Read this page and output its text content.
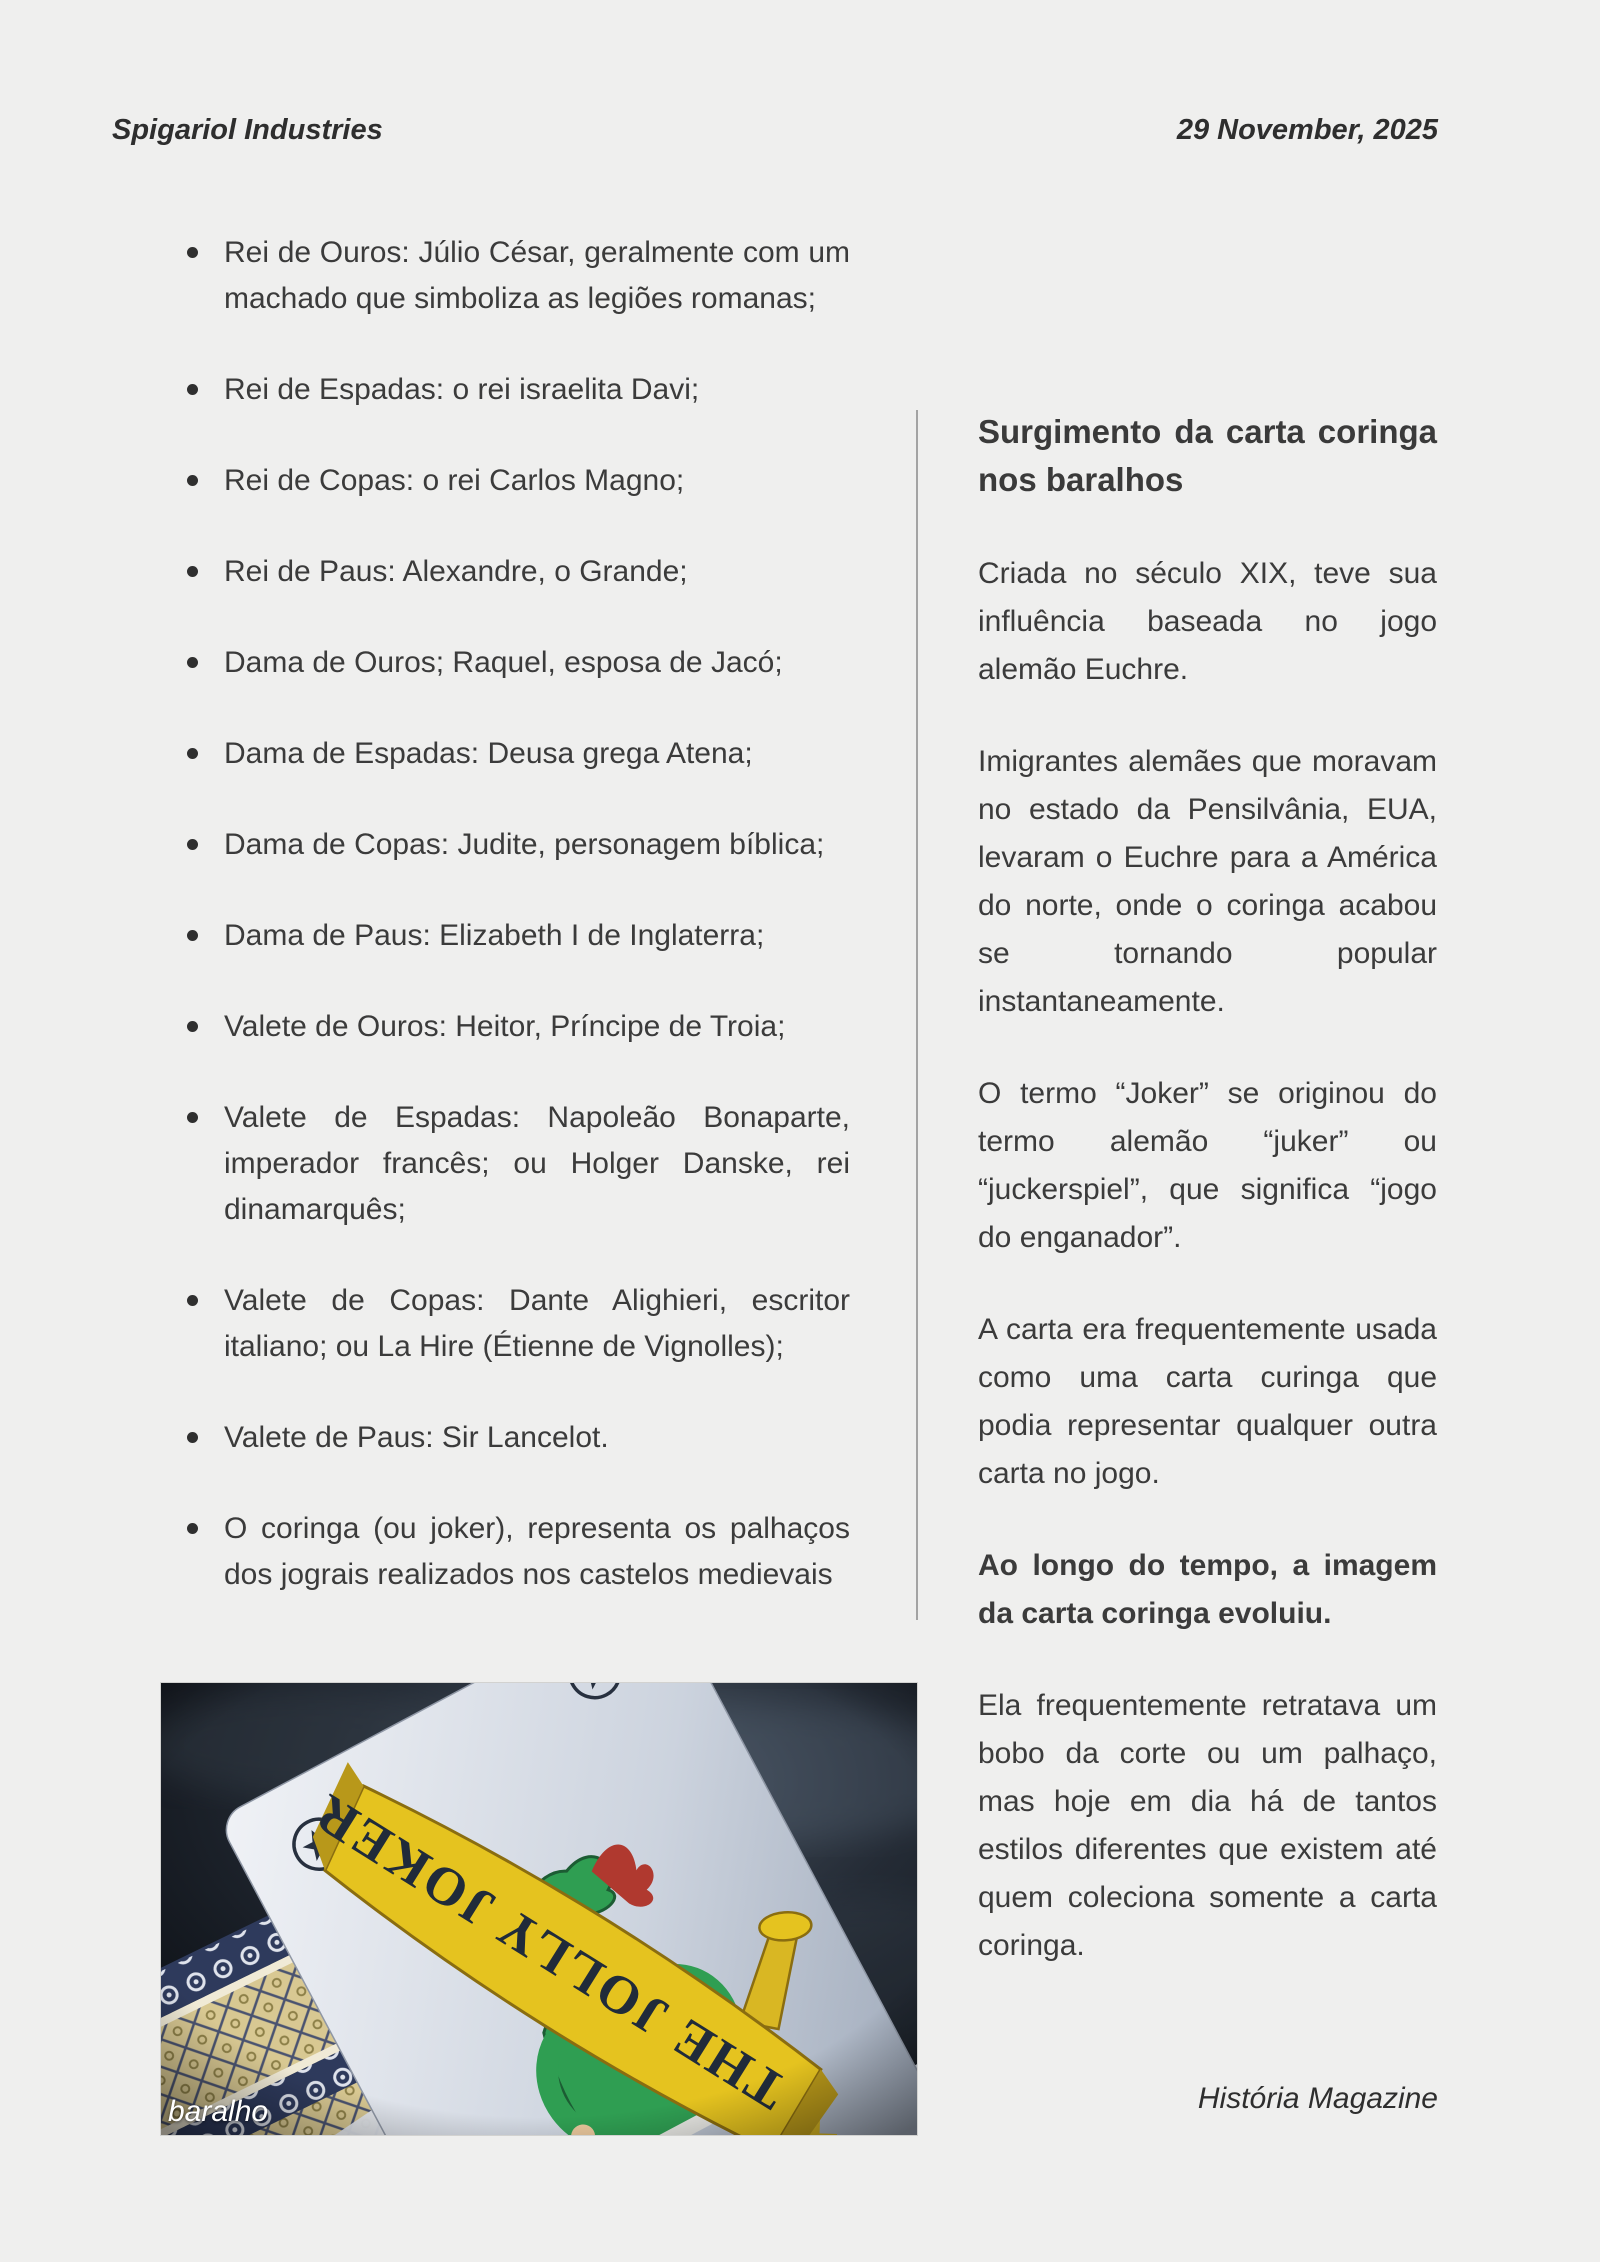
Spigariol Industries	29 November, 2025
Rei de Ouros: Júlio César, geralmente com um machado que simboliza as legiões romanas;
Rei de Espadas: o rei israelita Davi;
Rei de Copas: o rei Carlos Magno;
Rei de Paus: Alexandre, o Grande;
Dama de Ouros; Raquel, esposa de Jacó;
Dama de Espadas: Deusa grega Atena;
Dama de Copas: Judite, personagem bíblica;
Dama de Paus: Elizabeth I de Inglaterra;
Valete de Ouros: Heitor, Príncipe de Troia;
Valete de Espadas: Napoleão Bonaparte, imperador francês; ou Holger Danske, rei dinamarquês;
Valete de Copas: Dante Alighieri, escritor italiano; ou La Hire (Étienne de Vignolles);
Valete de Paus: Sir Lancelot.
O coringa (ou joker), representa os palhaços dos jograis realizados nos castelos medievais
Surgimento da carta coringa nos baralhos

Criada no século XIX, teve sua influência baseada no jogo alemão Euchre.

Imigrantes alemães que moravam no estado da Pensilvânia, EUA, levaram o Euchre para a América do norte, onde o coringa acabou se tornando popular instantaneamente.

O termo “Joker” se originou do termo alemão “juker” ou “juckerspiel”, que significa “jogo do enganador”.

A carta era frequentemente usada como uma carta curinga que podia representar qualquer outra carta no jogo.

Ao longo do tempo, a imagem da carta coringa evoluiu.

Ela frequentemente retratava um bobo da corte ou um palhaço, mas hoje em dia há de tantos estilos diferentes que existem até quem coleciona somente a carta coringa.

baralho	História Magazine
